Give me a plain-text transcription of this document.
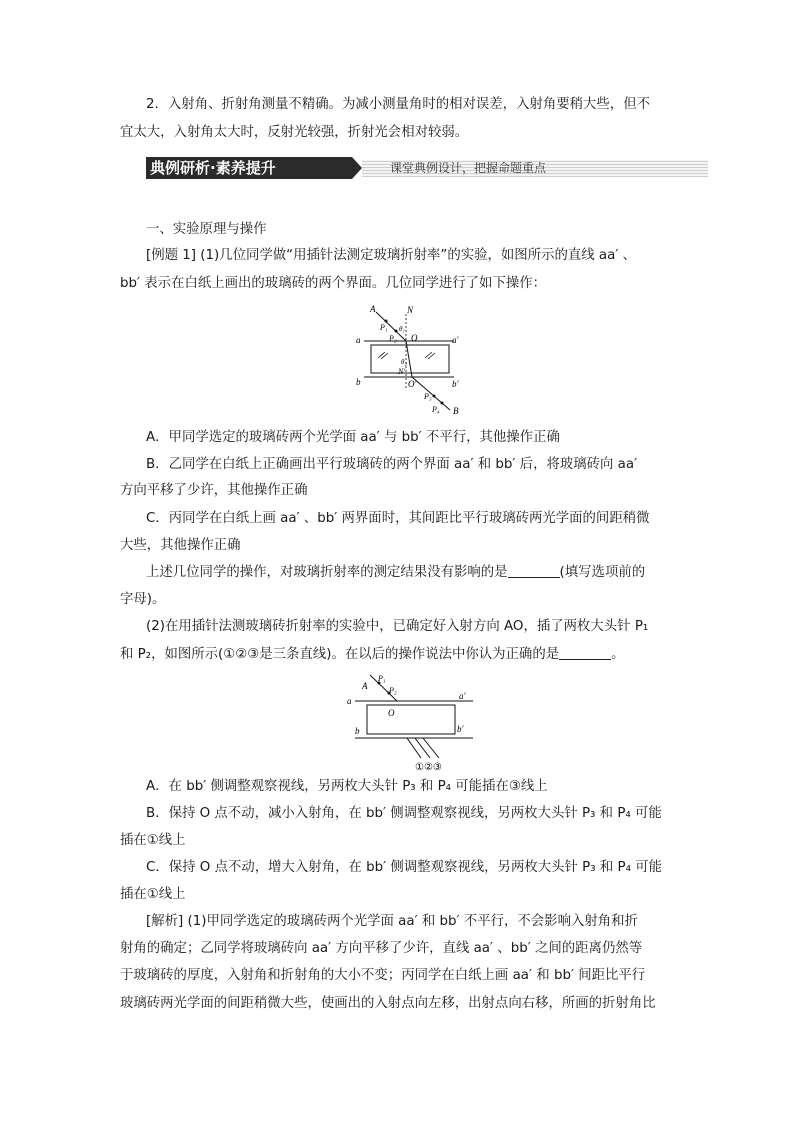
2．入射角、折射角测量不精确。为减小测量角时的相对误差，入射角要稍大些，但不
宜太大，入射角太大时，反射光较强，折射光会相对较弱。
典例研析·素养提升	课堂典例设计，把握命题重点
一、实验原理与操作
[例题 1] (1)几位同学做“用插针法测定玻璃折射率”的实验，如图所示的直线 aa′ 、
bb′ 表示在白纸上画出的玻璃砖的两个界面。几位同学进行了如下操作：
A	N
P₁
P₂
θ₁
O
a	a′
θ₂
N′
O′
b	b′
P₃
P₄ B
A．甲同学选定的玻璃砖两个光学面 aa′ 与 bb′ 不平行，其他操作正确
B．乙同学在白纸上正确画出平行玻璃砖的两个界面 aa′ 和 bb′ 后，将玻璃砖向 aa′
方向平移了少许，其他操作正确
C．丙同学在白纸上画 aa′ 、bb′ 两界面时，其间距比平行玻璃砖两光学面的间距稍微
大些，其他操作正确
上述几位同学的操作，对玻璃折射率的测定结果没有影响的是	(填写选项前的
字母)。
(2)在用插针法测玻璃砖折射率的实验中，已确定好入射方向 AO，插了两枚大头针 P₁
和 P₂，如图所示(①②③是三条直线)。在以后的操作说法中你认为正确的是	。
P₁
A	P₂
a
O
a′
b	b′
①②③
A．在 bb′ 侧调整观察视线，另两枚大头针 P₃ 和 P₄ 可能插在③线上
B．保持 O 点不动，减小入射角，在 bb′ 侧调整观察视线，另两枚大头针 P₃ 和 P₄ 可能
插在①线上
C．保持 O 点不动，增大入射角，在 bb′ 侧调整观察视线，另两枚大头针 P₃ 和 P₄ 可能
插在①线上
[解析] (1)甲同学选定的玻璃砖两个光学面 aa′ 和 bb′ 不平行，不会影响入射角和折
射角的确定；乙同学将玻璃砖向 aa′ 方向平移了少许，直线 aa′ 、bb′ 之间的距离仍然等
于玻璃砖的厚度，入射角和折射角的大小不变；丙同学在白纸上画 aa′ 和 bb′ 间距比平行
玻璃砖两光学面的间距稍微大些，使画出的入射点向左移，出射点向右移，所画的折射角比
